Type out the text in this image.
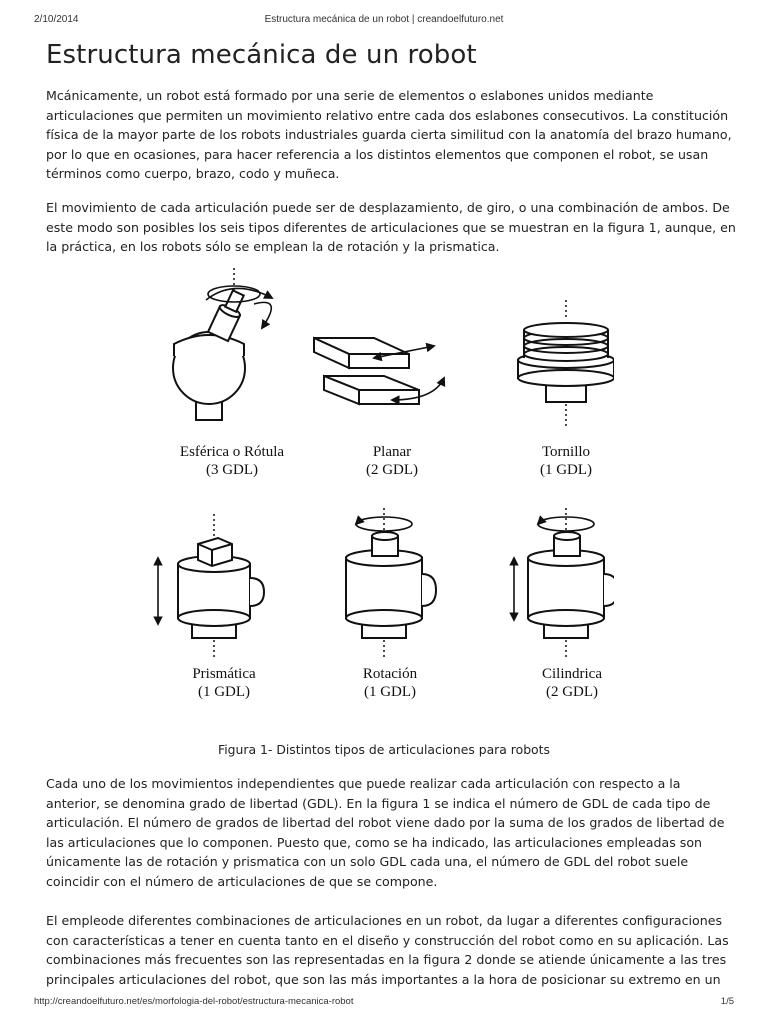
2/10/2014	Estructura mecánica de un robot | creandoelfuturo.net
Estructura mecánica de un robot

Mcánicamente, un robot está formado por una serie de elementos o eslabones unidos mediante articulaciones que permiten un movimiento relativo entre cada dos eslabones consecutivos. La constitución física de la mayor parte de los robots industriales guarda cierta similitud con la anatomía del brazo humano, por lo que en ocasiones, para hacer referencia a los distintos elementos que componen el robot, se usan términos como cuerpo, brazo, codo y muñeca.

El movimiento de cada articulación puede ser de desplazamiento, de giro, o una combinación de ambos. De este modo son posibles los seis tipos diferentes de articulaciones que se muestran en la figura 1, aunque, en la práctica, en los robots sólo se emplean la de rotación y la prismatica.

Esférica o Rótula
(3 GDL)
Planar
(2 GDL)
Tornillo
(1 GDL)
Prismática
(1 GDL)
Rotación
(1 GDL)
Cilindrica
(2 GDL)
Figura 1- Distintos tipos de articulaciones para robots

Cada uno de los movimientos independientes que puede realizar cada articulación con respecto a la anterior, se denomina grado de libertad (GDL). En la figura 1 se indica el número de GDL de cada tipo de articulación. El número de grados de libertad del robot viene dado por la suma de los grados de libertad de las articulaciones que lo componen. Puesto que, como se ha indicado, las articulaciones empleadas son únicamente las de rotación y prismatica con un solo GDL cada una, el número de GDL del robot suele coincidir con el número de articulaciones de que se compone.

El empleode diferentes combinaciones de articulaciones en un robot, da lugar a diferentes configuraciones con características a tener en cuenta tanto en el diseño y construcción del robot como en su aplicación. Las combinaciones más frecuentes son las representadas en la figura 2 donde se atiende únicamente a las tres principales articulaciones del robot, que son las más importantes a la hora de posicionar su extremo en un

http://creandoelfuturo.net/es/morfologia-del-robot/estructura-mecanica-robot	1/5
